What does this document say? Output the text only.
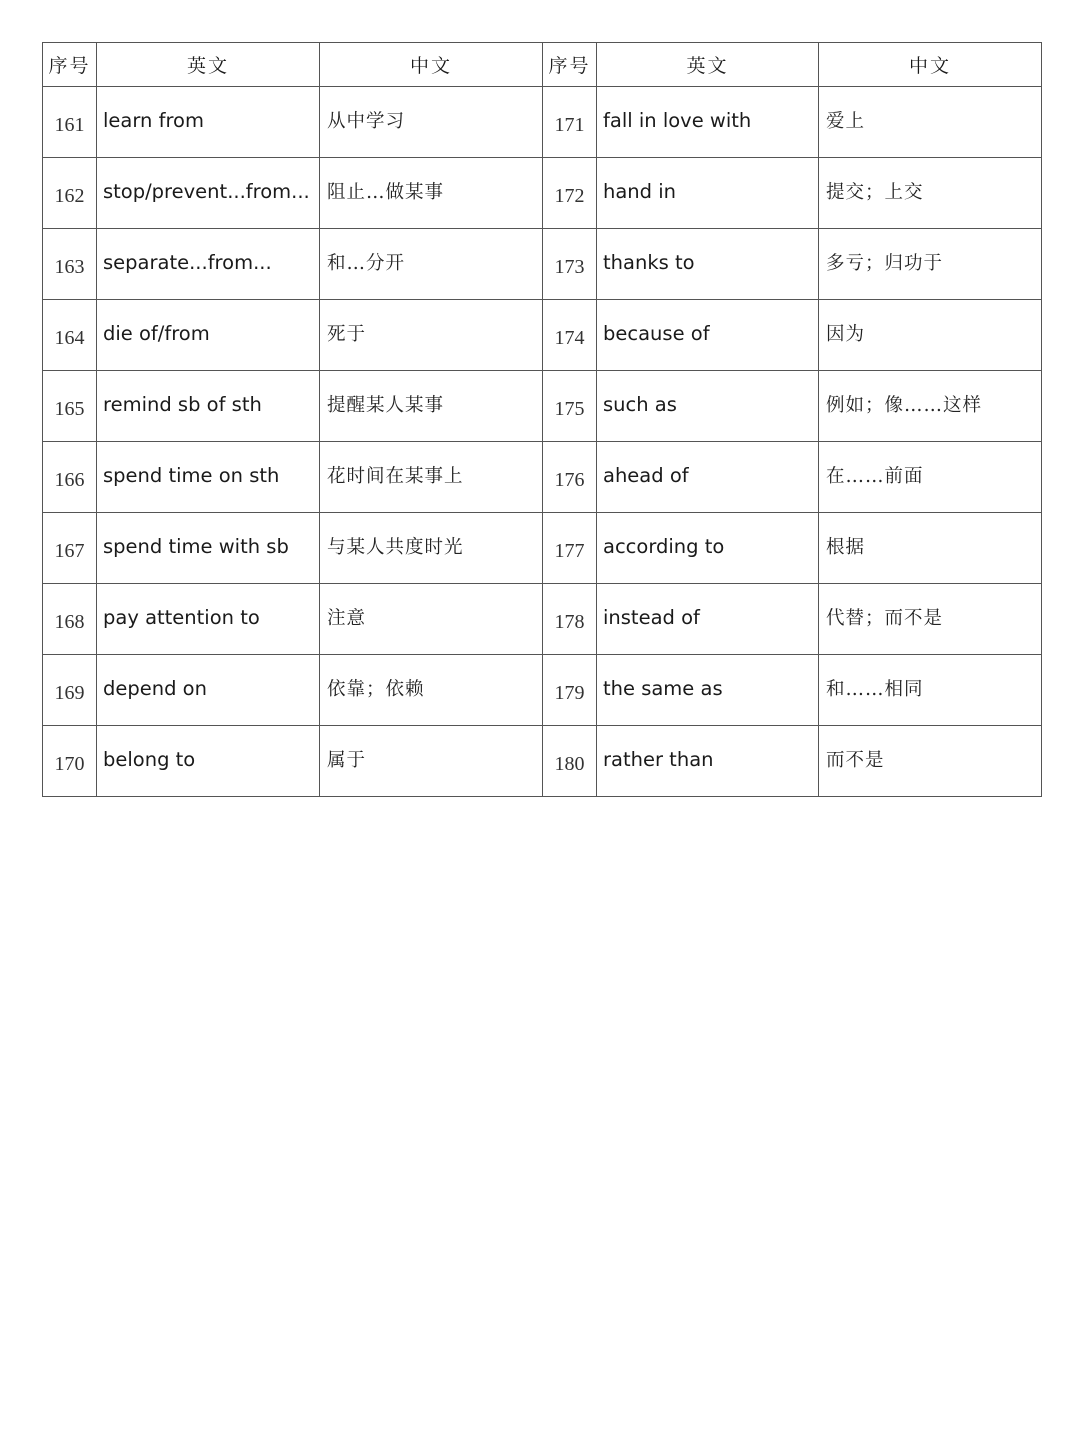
序号	英文	中文	序号	英文	中文
161	learn from	从中学习	171	fall in love with	爱上
162	stop/prevent...from...	阻止…做某事	172	hand in	提交；上交
163	separate...from...	和…分开	173	thanks to	多亏；归功于
164	die of/from	死于	174	because of	因为
165	remind sb of sth	提醒某人某事	175	such as	例如；像……这样
166	spend time on sth	花时间在某事上	176	ahead of	在……前面
167	spend time with sb	与某人共度时光	177	according to	根据
168	pay attention to	注意	178	instead of	代替；而不是
169	depend on	依靠；依赖	179	the same as	和……相同
170	belong to	属于	180	rather than	而不是
